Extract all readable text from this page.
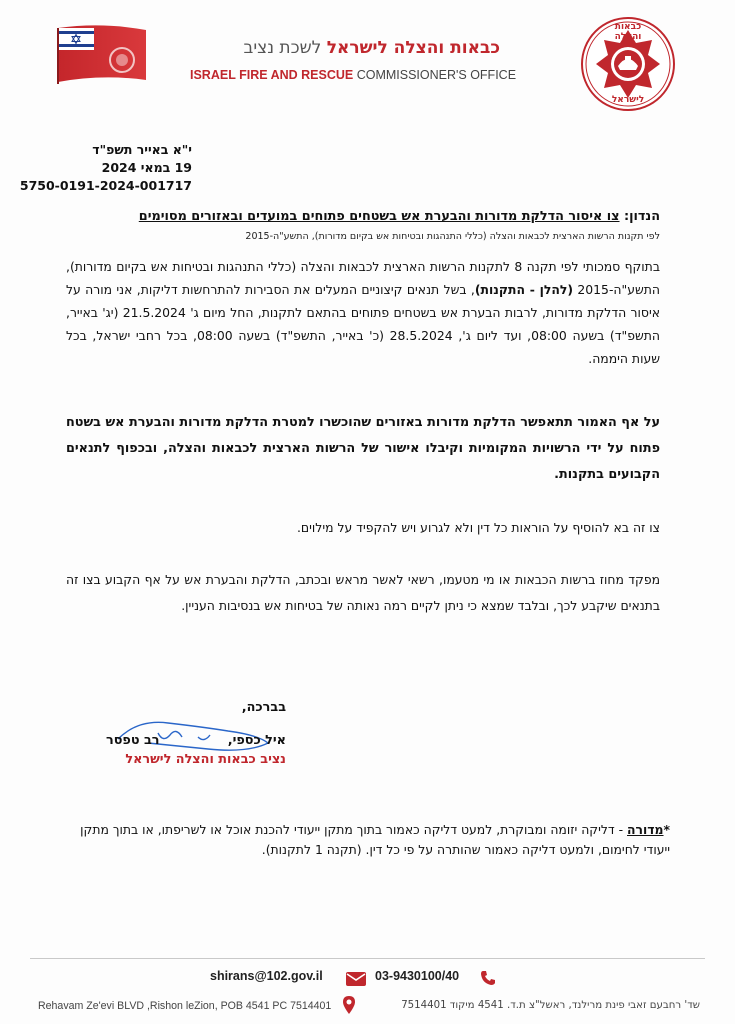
כבאות והצלה לישראל לשכת נציב
ISRAEL FIRE AND RESCUE COMMISSIONER'S OFFICE
כבאות והצלה
לישראל
י"א באייר תשפ"ד
19 במאי 2024
5750-0191-2024-001717
הנדון: צו איסור הדלקת מדורות והבערת אש בשטחים פתוחים במועדים ובאזורים מסוימים
לפי תקנות הרשות הארצית לכבאות והצלה (כללי התנהגות ובטיחות אש בקיום מדורות), התשע"ה-2015
בתוקף סמכותי לפי תקנה 8 לתקנות הרשות הארצית לכבאות והצלה (כללי התנהגות ובטיחות אש בקיום מדורות), התשע"ה-2015 (להלן - התקנות), בשל תנאים קיצוניים המעלים את הסבירות להתרחשות דליקות, אני מורה על איסור הדלקת מדורות, לרבות הבערת אש בשטחים פתוחים בהתאם לתקנות, החל מיום ג' 21.5.2024 (יג' באייר, התשפ"ד) בשעה 08:00, ועד ליום ג', 28.5.2024 (כ' באייר, התשפ"ד) בשעה 08:00, בכל רחבי ישראל, בכל שעות היממה.
על אף האמור תתאפשר הדלקת מדורות באזורים שהוכשרו למטרת הדלקת מדורות והבערת אש בשטח פתוח על ידי הרשויות המקומיות וקיבלו אישור של הרשות הארצית לכבאות והצלה, ובכפוף לתנאים הקבועים בתקנות.
צו זה בא להוסיף על הוראות כל דין ולא לגרוע ויש להקפיד על מילוים.
מפקד מחוז ברשות הכבאות או מי מטעמו, רשאי לאשר מראש ובכתב, הדלקת והבערת אש על אף הקבוע בצו זה בתנאים שיקבע לכך, ובלבד שמצא כי ניתן לקיים רמה נאותה של בטיחות אש בנסיבות העניין.
בברכה,
איל כספי,
רב טפסר
נציב כבאות והצלה לישראל
*מדורה - דליקה יזומה ומבוקרת, למעט דליקה כאמור בתוך מתקן ייעודי להכנת אוכל או לשריפתו, או בתוך מתקן ייעודי לחימום, ולמעט דליקה כאמור שהותרה על פי כל דין. (תקנה 1 לתקנות).
shirans@102.gov.il	03-9430100/40
Rehavam Ze'evi BLVD ,Rishon leZion, POB 4541 PC 7514401	שד' רחבעם זאבי פינת מרילנד, ראשל"צ ת.ד. 4541 מיקוד 7514401
